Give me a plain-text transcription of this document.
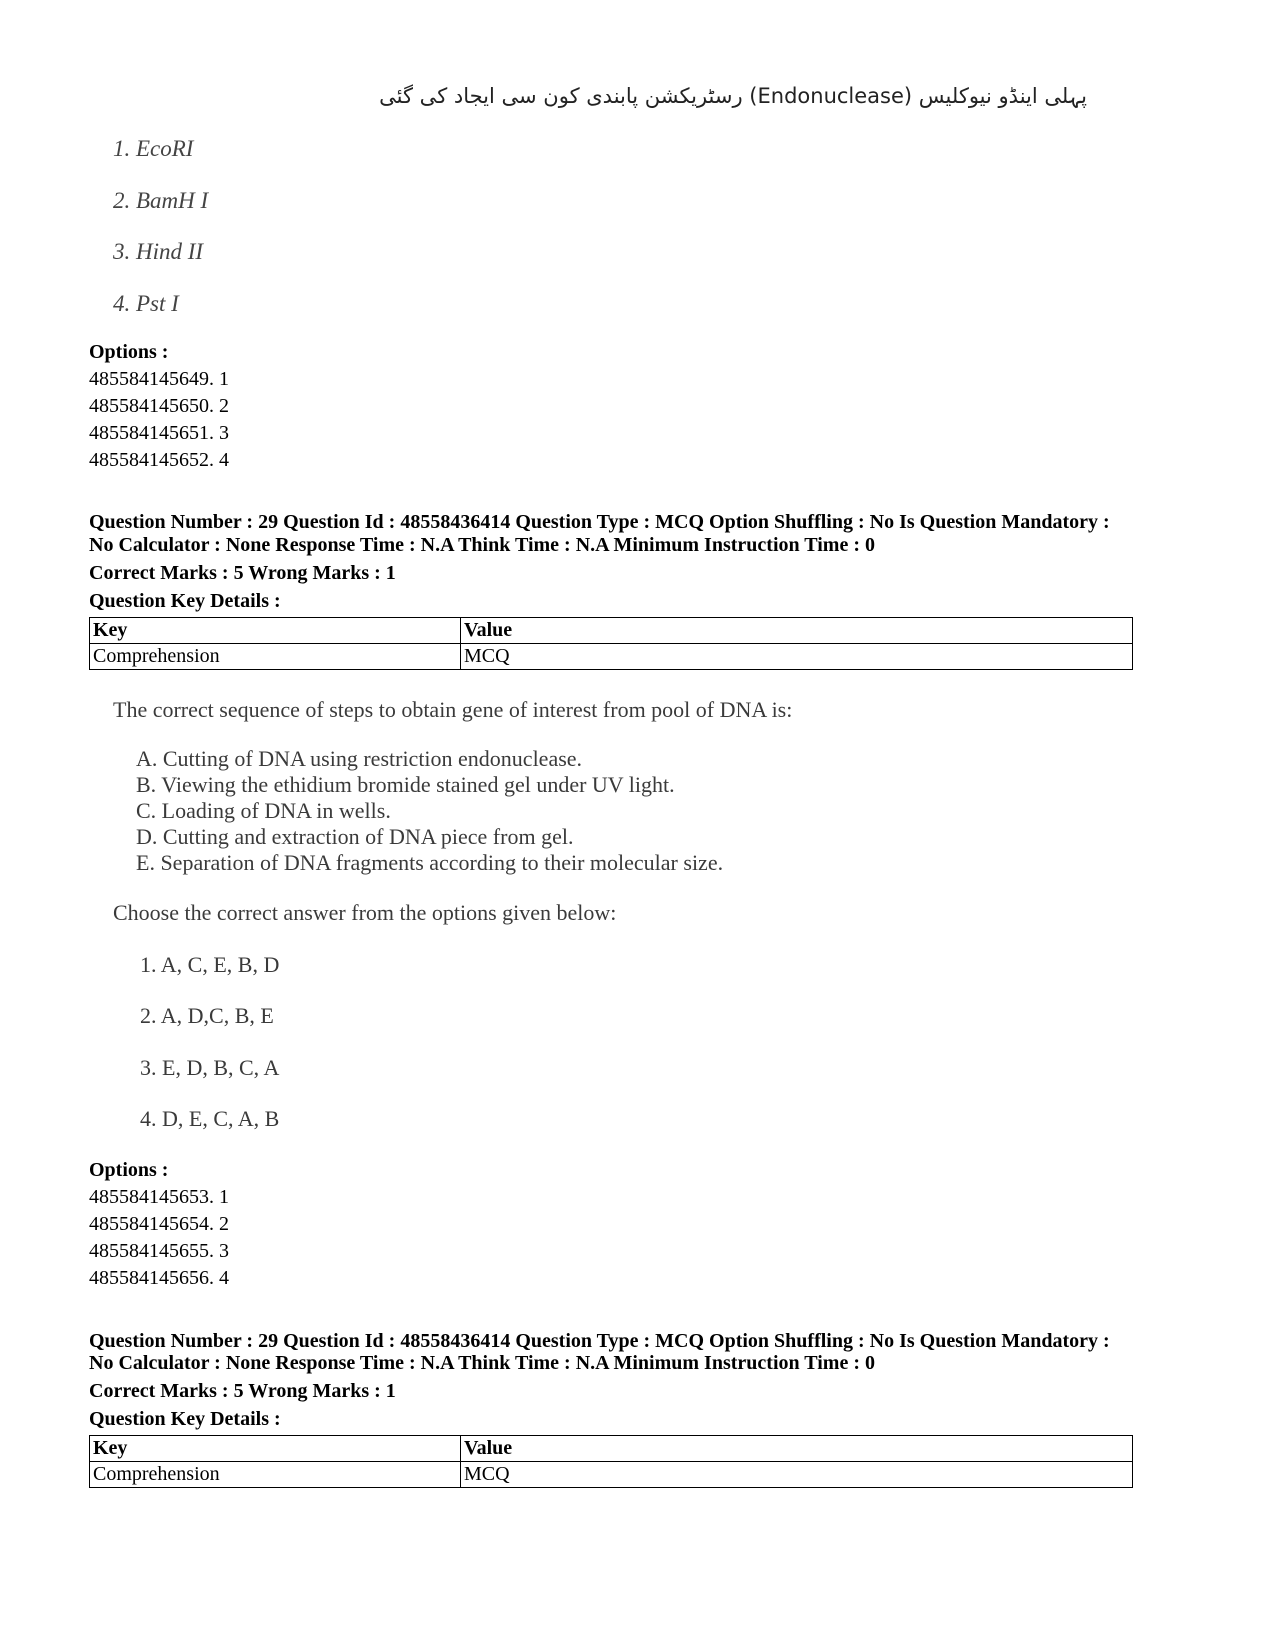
پہلی اینڈو نیوکلیس (Endonuclease) رسٹریکشن پابندی کون سی ایجاد کی گئی
1. EcoRI
2. BamH I
3. Hind II
4. Pst I
Options :
485584145649. 1
485584145650. 2
485584145651. 3
485584145652. 4
Question Number : 29 Question Id : 48558436414 Question Type : MCQ Option Shuffling : No Is Question Mandatory :
No Calculator : None Response Time : N.A Think Time : N.A Minimum Instruction Time : 0
Correct Marks : 5 Wrong Marks : 1
Question Key Details :
Key	Value
Comprehension	MCQ
The correct sequence of steps to obtain gene of interest from pool of DNA is:
A. Cutting of DNA using restriction endonuclease.
B. Viewing the ethidium bromide stained gel under UV light.
C. Loading of DNA in wells.
D. Cutting and extraction of DNA piece from gel.
E. Separation of DNA fragments according to their molecular size.
Choose the correct answer from the options given below:
1. A, C, E, B, D
2. A, D,C, B, E
3. E, D, B, C, A
4. D, E, C, A, B
Options :
485584145653. 1
485584145654. 2
485584145655. 3
485584145656. 4
Question Number : 29 Question Id : 48558436414 Question Type : MCQ Option Shuffling : No Is Question Mandatory :
No Calculator : None Response Time : N.A Think Time : N.A Minimum Instruction Time : 0
Correct Marks : 5 Wrong Marks : 1
Question Key Details :
Key	Value
Comprehension	MCQ
